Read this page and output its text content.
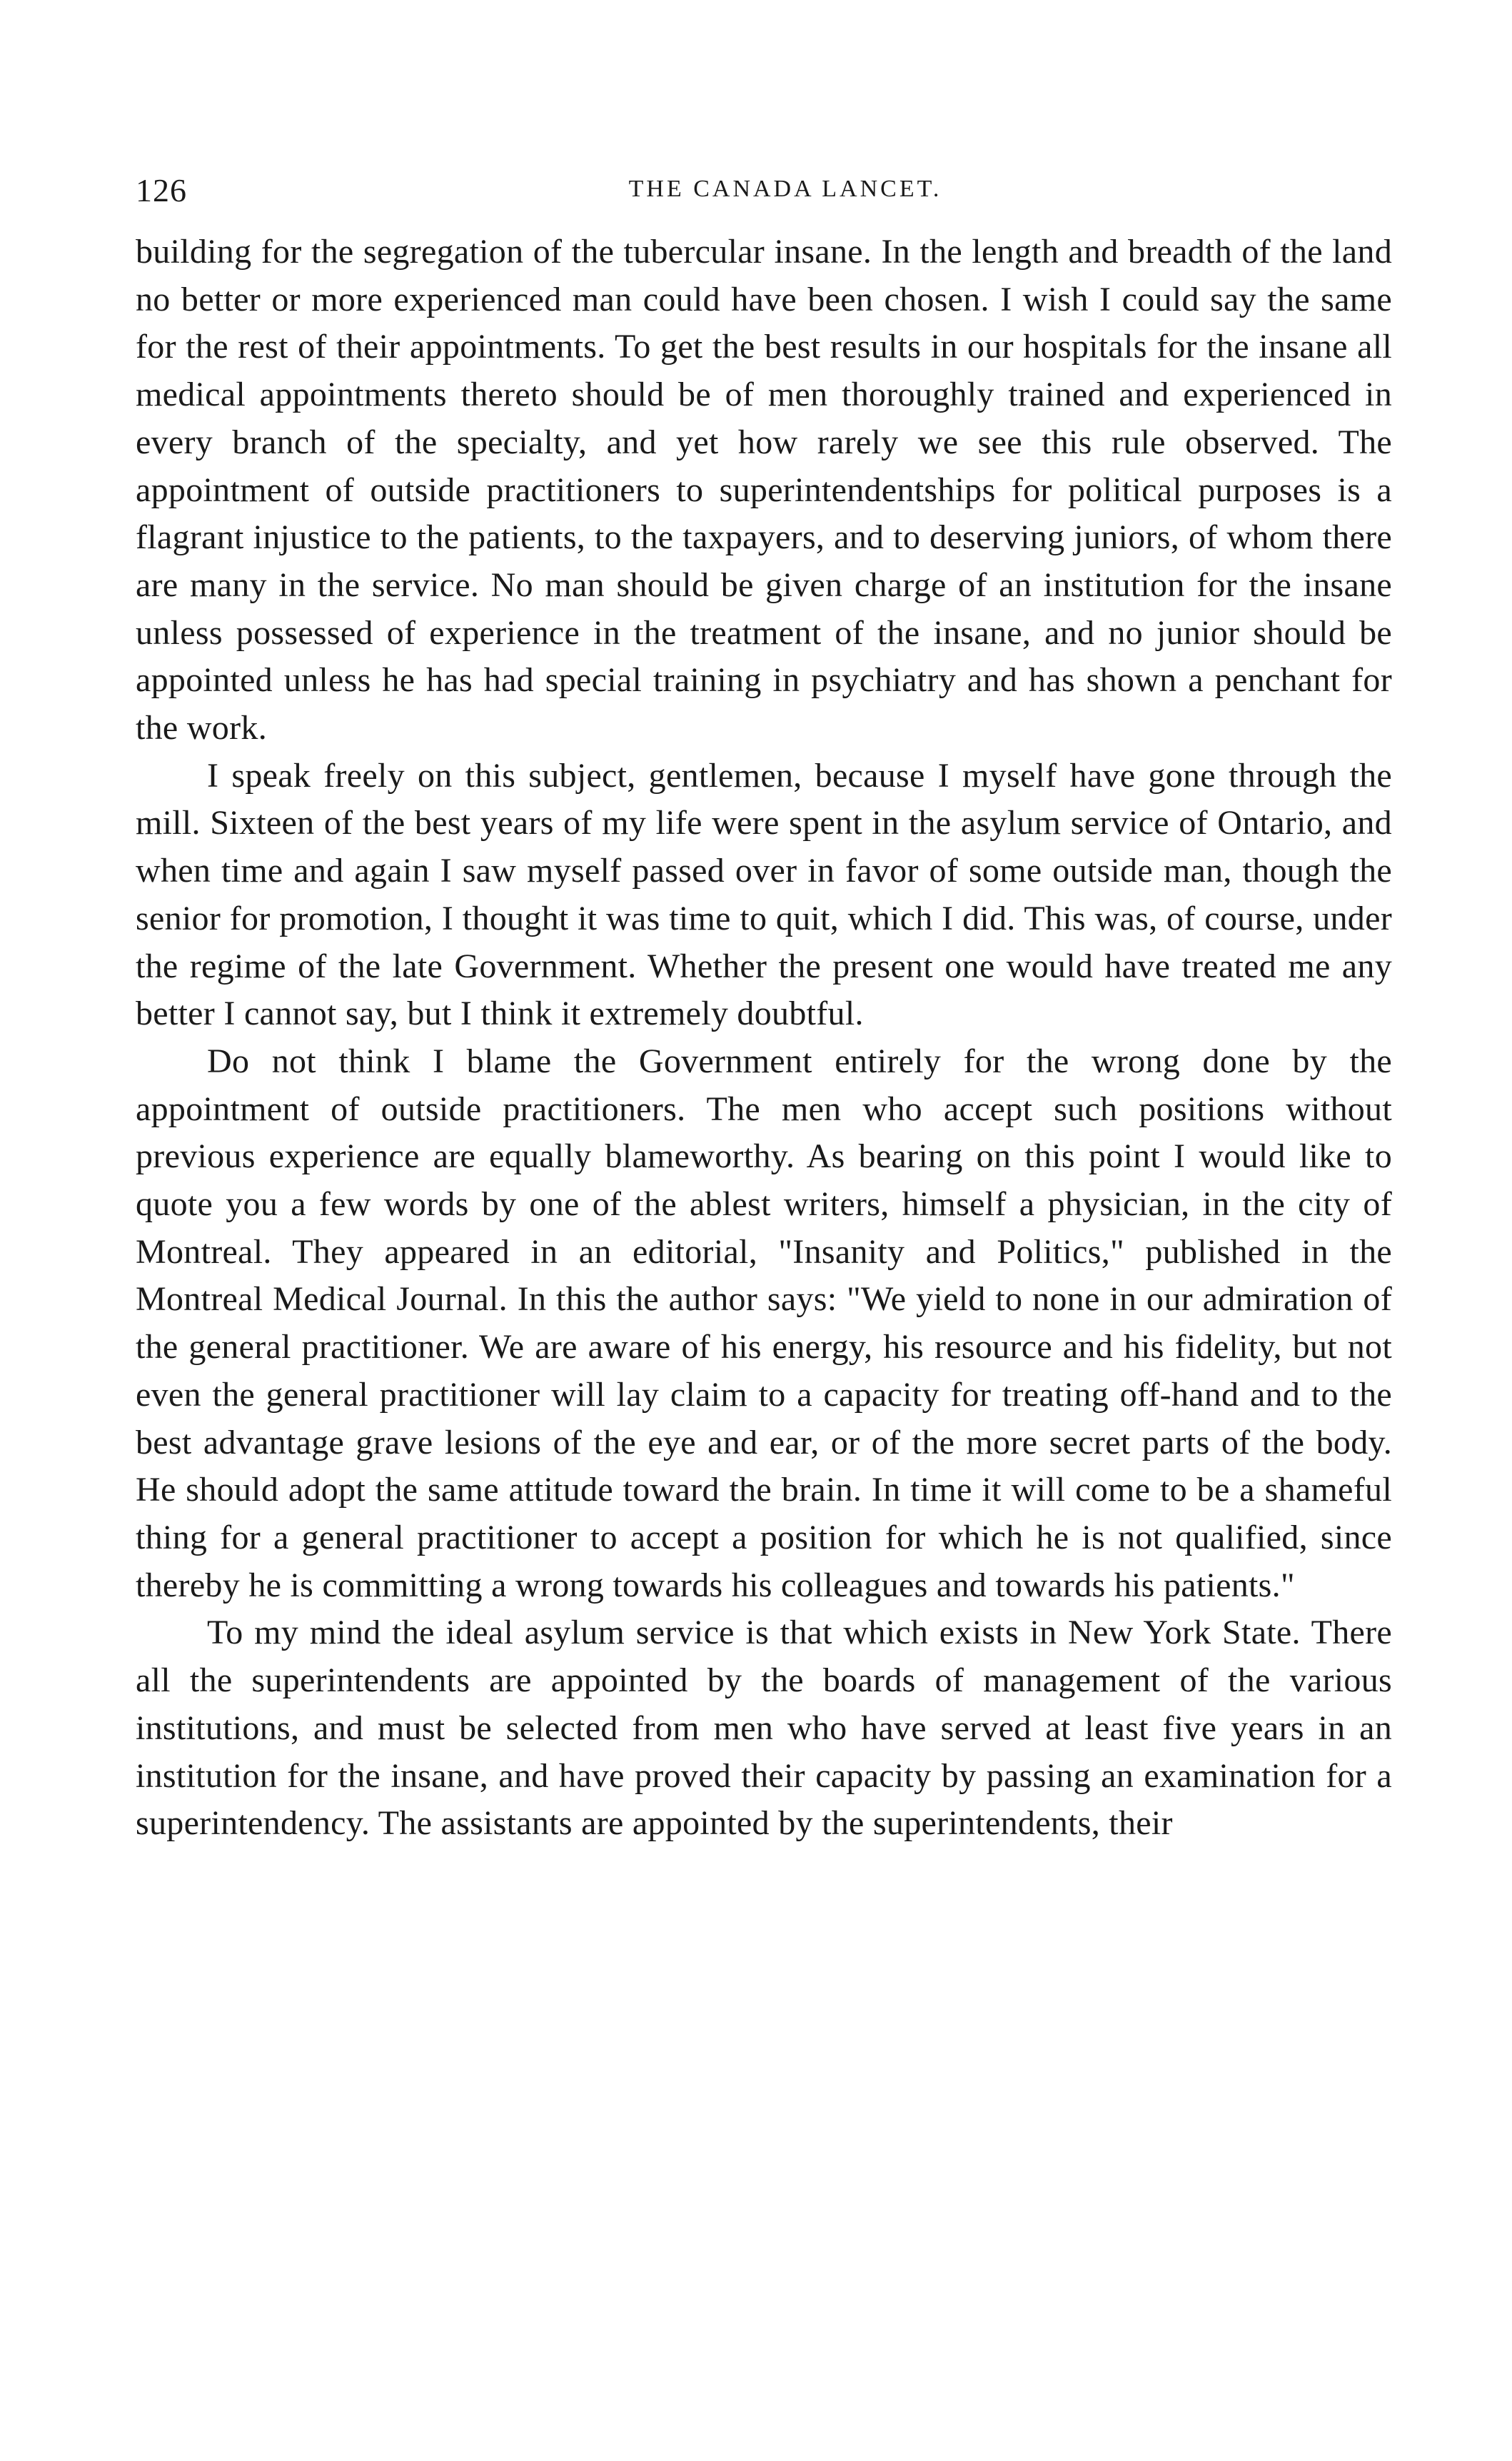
126	THE CANADA LANCET.

building for the segregation of the tubercular insane. In the length and breadth of the land no better or more experienced man could have been chosen. I wish I could say the same for the rest of their appointments. To get the best results in our hospitals for the insane all medical appointments thereto should be of men thoroughly trained and experienced in every branch of the specialty, and yet how rarely we see this rule observed. The appointment of outside practitioners to superintendentships for political purposes is a flagrant injustice to the patients, to the taxpayers, and to deserving juniors, of whom there are many in the service. No man should be given charge of an institution for the insane unless possessed of experience in the treatment of the insane, and no junior should be appointed unless he has had special training in psychiatry and has shown a penchant for the work.

I speak freely on this subject, gentlemen, because I myself have gone through the mill. Sixteen of the best years of my life were spent in the asylum service of Ontario, and when time and again I saw myself passed over in favor of some outside man, though the senior for promotion, I thought it was time to quit, which I did. This was, of course, under the regime of the late Government. Whether the present one would have treated me any better I cannot say, but I think it extremely doubtful.

Do not think I blame the Government entirely for the wrong done by the appointment of outside practitioners. The men who accept such positions without previous experience are equally blameworthy. As bearing on this point I would like to quote you a few words by one of the ablest writers, himself a physician, in the city of Montreal. They appeared in an editorial, "Insanity and Politics," published in the Montreal Medical Journal. In this the author says: "We yield to none in our admiration of the general practitioner. We are aware of his energy, his resource and his fidelity, but not even the general practitioner will lay claim to a capacity for treating off-hand and to the best advantage grave lesions of the eye and ear, or of the more secret parts of the body. He should adopt the same attitude toward the brain. In time it will come to be a shameful thing for a general practitioner to accept a position for which he is not qualified, since thereby he is committing a wrong towards his colleagues and towards his patients."

To my mind the ideal asylum service is that which exists in New York State. There all the superintendents are appointed by the boards of management of the various institutions, and must be selected from men who have served at least five years in an institution for the insane, and have proved their capacity by passing an examination for a superintendency. The assistants are appointed by the superintendents, their
